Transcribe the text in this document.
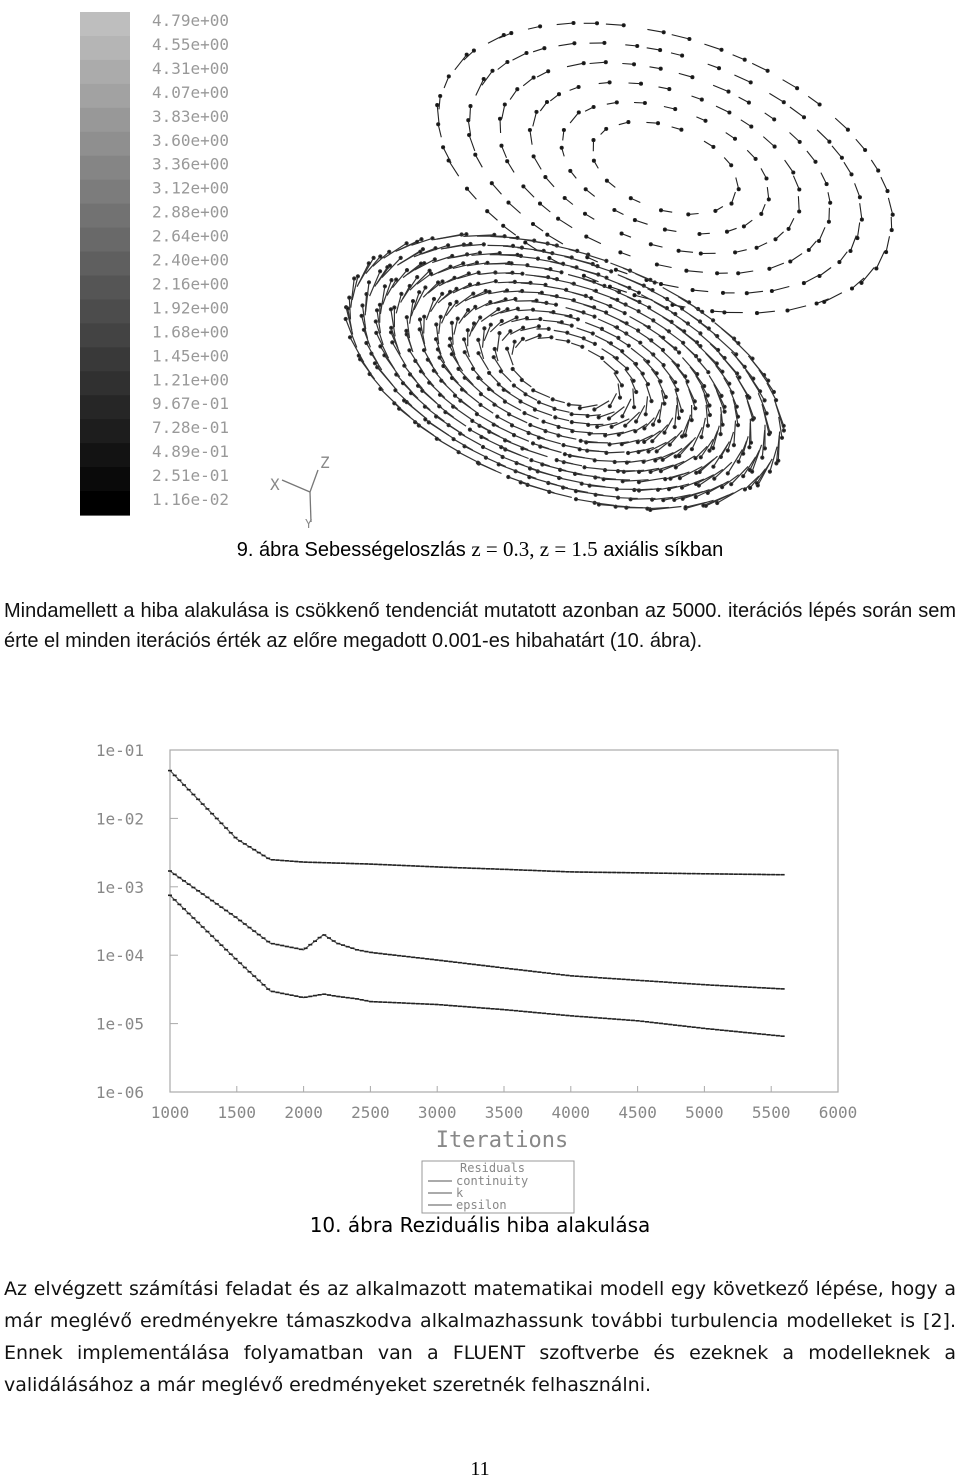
4.79e+00
4.55e+00
4.31e+00
4.07e+00
3.83e+00
3.60e+00
3.36e+00
3.12e+00
2.88e+00
2.64e+00
2.40e+00
2.16e+00
1.92e+00
1.68e+00
1.45e+00
1.21e+00
9.67e-01
7.28e-01
4.89e-01
2.51e-01
1.16e-02
X
Z
Y
9. ábra Sebességeloszlás z = 0.3, z = 1.5 axiális síkban
Mindamellett a hiba alakulása is csökkenő tendenciát mutatott azonban az 5000. iterációs lépés során sem érte el minden iterációs érték az előre megadott 0.001-es hibahatárt (10. ábra).
1e-01
1e-02
1e-03
1e-04
1e-05
1e-06
1000 1500 2000 2500 3000 3500 4000 4500 5000 5500 6000
Iterations
Residuals
continuity
k
epsilon
10. ábra Reziduális hiba alakulása
Az elvégzett számítási feladat és az alkalmazott matematikai modell egy következő lépése, hogy a már meglévő eredményekre támaszkodva alkalmazhassunk további turbulencia modelleket is [2]. Ennek implementálása folyamatban van a FLUENT szoftverbe és ezeknek a modelleknek a validálásához a már meglévő eredményeket szeretnék felhasználni.
11
